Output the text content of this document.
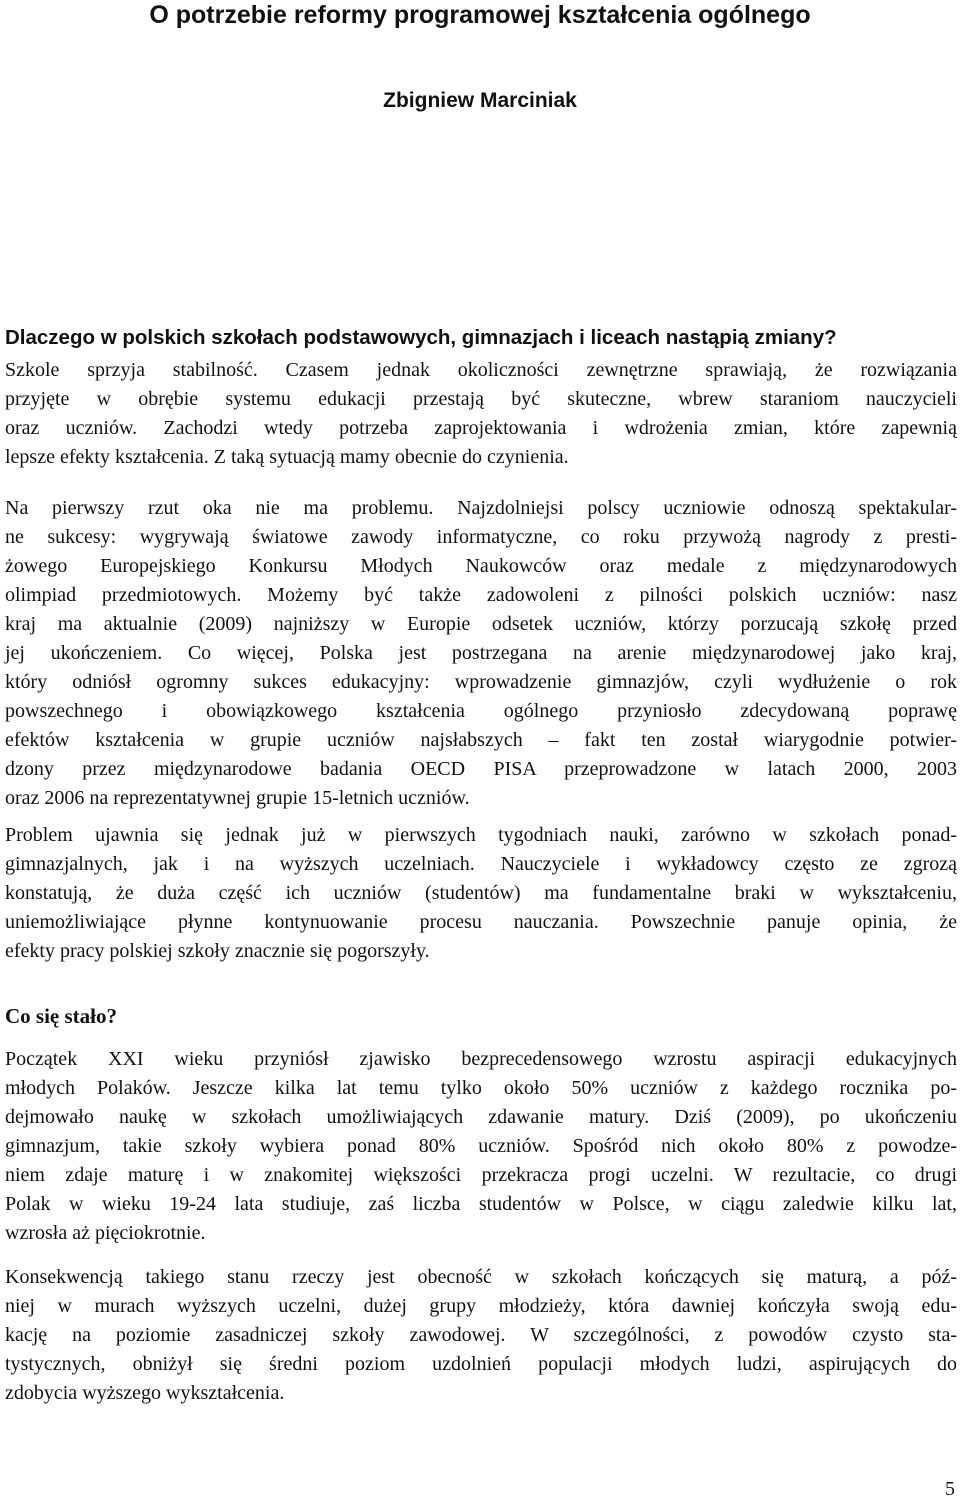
O potrzebie reformy programowej kształcenia ogólnego
Zbigniew Marciniak
Dlaczego w polskich szkołach podstawowych, gimnazjach i liceach nastąpią zmiany?
Szkole sprzyja stabilność. Czasem jednak okoliczności zewnętrzne sprawiają, że rozwiązania
przyjęte w obrębie systemu edukacji przestają być skuteczne, wbrew staraniom nauczycieli
oraz uczniów. Zachodzi wtedy potrzeba zaprojektowania i wdrożenia zmian, które zapewnią
lepsze efekty kształcenia. Z taką sytuacją mamy obecnie do czynienia.
Na pierwszy rzut oka nie ma problemu. Najzdolniejsi polscy uczniowie odnoszą spektakular-
ne sukcesy: wygrywają światowe zawody informatyczne, co roku przywożą nagrody z presti-
żowego Europejskiego Konkursu Młodych Naukowców oraz medale z międzynarodowych
olimpiad przedmiotowych. Możemy być także zadowoleni z pilności polskich uczniów: nasz
kraj ma aktualnie (2009) najniższy w Europie odsetek uczniów, którzy porzucają szkołę przed
jej ukończeniem. Co więcej, Polska jest postrzegana na arenie międzynarodowej jako kraj,
który odniósł ogromny sukces edukacyjny: wprowadzenie gimnazjów, czyli wydłużenie o rok
powszechnego i obowiązkowego kształcenia ogólnego przyniosło zdecydowaną poprawę
efektów kształcenia w grupie uczniów najsłabszych – fakt ten został wiarygodnie potwier-
dzony przez międzynarodowe badania OECD PISA przeprowadzone w latach 2000, 2003
oraz 2006 na reprezentatywnej grupie 15-letnich uczniów.
Problem ujawnia się jednak już w pierwszych tygodniach nauki, zarówno w szkołach ponad-
gimnazjalnych, jak i na wyższych uczelniach. Nauczyciele i wykładowcy często ze zgrozą
konstatują, że duża część ich uczniów (studentów) ma fundamentalne braki w wykształceniu,
uniemożliwiające płynne kontynuowanie procesu nauczania. Powszechnie panuje opinia, że
efekty pracy polskiej szkoły znacznie się pogorszyły.
Co się stało?
Początek XXI wieku przyniósł zjawisko bezprecedensowego wzrostu aspiracji edukacyjnych
młodych Polaków. Jeszcze kilka lat temu tylko około 50% uczniów z każdego rocznika po-
dejmowało naukę w szkołach umożliwiających zdawanie matury. Dziś (2009), po ukończeniu
gimnazjum, takie szkoły wybiera ponad 80% uczniów. Spośród nich około 80% z powodze-
niem zdaje maturę i w znakomitej większości przekracza progi uczelni. W rezultacie, co drugi
Polak w wieku 19-24 lata studiuje, zaś liczba studentów w Polsce, w ciągu zaledwie kilku lat,
wzrosła aż pięciokrotnie.
Konsekwencją takiego stanu rzeczy jest obecność w szkołach kończących się maturą, a póź-
niej w murach wyższych uczelni, dużej grupy młodzieży, która dawniej kończyła swoją edu-
kację na poziomie zasadniczej szkoły zawodowej. W szczególności, z powodów czysto sta-
tystycznych, obniżył się średni poziom uzdolnień populacji młodych ludzi, aspirujących do
zdobycia wyższego wykształcenia.
5
